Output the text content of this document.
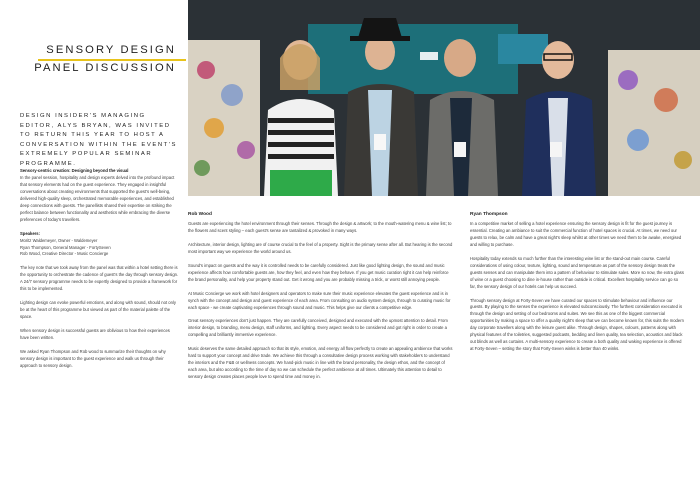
SENSORY DESIGN
PANEL DISCUSSION
DESIGN INSIDER'S MANAGING EDITOR, ALYS BRYAN, WAS INVITED TO RETURN THIS YEAR TO HOST A CONVERSATION WITHIN THE EVENT'S EXTREMELY POPULAR SEMINAR PROGRAMME.

Sensory-centric creation: Designing beyond the visual

In the panel session, hospitality and design experts delved into the profound impact that sensory elements had on the guest experience. They engaged in insightful conversations about creating environments that supported the guest's well-being, delivered high-quality sleep, orchestrated memorable experiences, and established deep connections with guests. The panellists shared their expertise on striking the perfect balance between functionality and aesthetics while embracing the diverse preferences of today's travellers.

Speakers:

Moritz Waldemeyer, Owner - Waldemeyer
Ryan Thompson, General Manager - FortySeven
Rob Wood, Creative Director - Music Concierge

The key note that we took away from the panel was that within a hotel setting there is the opportunity to orchestrate the cadence of guest's the day through sensory design. A 24/7 sensory programme needs to be expertly designed to provide a framework for this to be implemented.

Lighting design can evoke powerful emotions, and along with sound, should not only be at the heart of this programme but viewed as part of the material palette of the space.

When sensory design is successful guests are oblivious to how their experiences have been written.

We asked Ryan Thompson and Rob wood to summarize their thoughts on why sensory design is important to the guest experience and walk us through their approach to sensory design.

Rob Wood

Guests are experiencing the hotel environment through their senses. Through the design & artwork; to the mouth-watering menu & wine list; to the flowers and scent styling – each guest's sense are tantalized & provoked in many ways.

Architecture, interior design, lighting are of course crucial to the feel of a property. Sight is the primary sense after all. But hearing is the second most important way we experience the world around us.

Sound's impact on guests and the way it is controlled needs to be carefully considered. Just like good lighting design, the sound and music experience affects how comfortable guests are, how they feel, and even how they behave. If you get music curation right it can help reinforce the brand personality, and help your property stand out. Get it wrong and you are probably missing a trick, or worst still annoying people.

At Music Concierge we work with hotel designers and operators to make sure their music experience elevates the guest experience and is in synch with the concept and design and guest experience of each area. From consulting on audio system design, through to curating music for each space - we create captivating experiences through sound and music. This helps give our clients a competitive edge.

Great sensory experiences don't just happen. They are carefully conceived, designed and executed with the upmost attention to detail. From interior design, to branding, menu design, staff uniforms, and lighting. Every aspect needs to be considered and got right in order to create a compelling and brilliantly immersive experience.

Music deserves the same detailed approach so that its style, emotion, and energy all flow perfectly to create an appealing ambience that works hard to support your concept and drive trade. We achieve this through a consultative design process working with stakeholders to understand the interiors and the F&B or wellness concepts. We hand-pick music in line with the brand personality, the design ethos, and the concept of each area, but also according to the time of day so we can schedule the perfect ambience at all times. Ultimately this attention to detail to sensory design creates places people love to spend time and money in.

Ryan Thompson

In a competitive market of selling a hotel experience ensuring the sensory design is fit for the guest journey is essential. Creating an ambiance to suit the commercial function of hotel spaces is crucial. At times, we need our guests to relax, be calm and have a great night's sleep whilst at other times we need them to be awake, energised and willing to purchase.

Hospitality today extends so much further than the interesting wine list or the stand-out main course. Careful considerations of using colour, texture, lighting, sound and temperature as part of the sensory design treats the guests senses and can manipulate them into a pattern of behaviour to stimulate sales. More so now, the extra glass of wine or a guest choosing to dine in-house rather than outside is critical. Excellent hospitality service can go so far, the sensory design of our hotels can help us succeed.

Through sensory design at Forty-Seven we have curated our spaces to stimulate behaviour and influence our guests. By playing to the senses the experience is elevated subconsciously. The furthest consideration executed is through the design and setting of our bedrooms and suites. We see this as one of the biggest commercial opportunities by making a space to offer a quality night's sleep that we can become known for, this suits the modern day corporate travellers along with the leisure guest alike. Through design, shapes, colours, patterns along with physical features of the toiletries, suggested podcasts, bedding and linen quality, tea selection, acoustics and black out blinds as well as curtains. A multi-sensory experience to create a both quality and waking experience is offered at Forty-Seven – setting the story that Forty-Seven winks is better than 40 winks.
